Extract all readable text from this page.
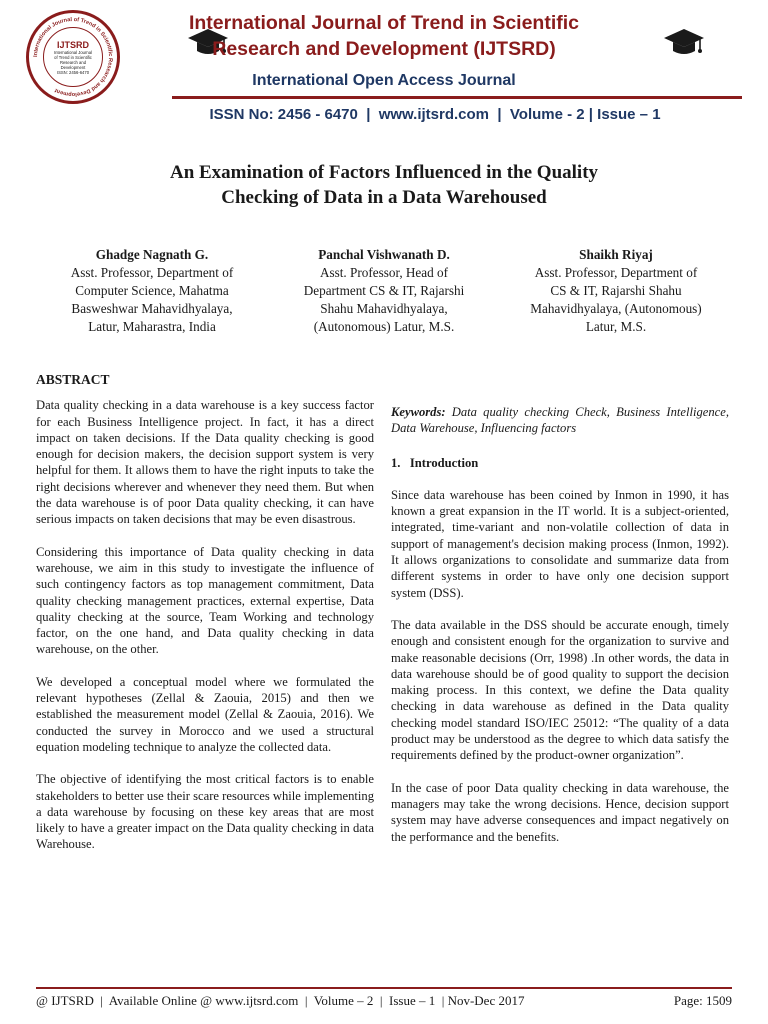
International Journal of Trend in Scientific Research and Development
IJTSRD
International Journal
of Trend in Scientific
Research and
Development
ISSN: 2456-6470
International Journal of Trend in Scientific
Research and Development (IJTSRD)
International Open Access Journal
ISSN No: 2456 - 6470  |  www.ijtsrd.com  |  Volume - 2 | Issue – 1
An Examination of Factors Influenced in the Quality
Checking of Data in a Data Warehoused
Ghadge Nagnath G.
Asst. Professor, Department of
Computer Science, Mahatma
Basweshwar Mahavidhyalaya,
Latur, Maharastra, India
Panchal Vishwanath D.
Asst. Professor, Head of
Department CS & IT, Rajarshi
Shahu Mahavidhyalaya,
(Autonomous) Latur, M.S.
Shaikh Riyaj
Asst. Professor, Department of
CS & IT, Rajarshi Shahu
Mahavidhyalaya, (Autonomous)
Latur, M.S.
ABSTRACT

Data quality checking in a data warehouse is a key success factor for each Business Intelligence project. In fact, it has a direct impact on taken decisions. If the Data quality checking is good enough for decision makers, the decision support system is very helpful for them. It allows them to have the right inputs to take the right decisions wherever and whenever they need them. But when the data warehouse is of poor Data quality checking, it can have serious impacts on taken decisions that may be even disastrous.

Considering this importance of Data quality checking in data warehouse, we aim in this study to investigate the influence of such contingency factors as top management commitment, Data quality checking management practices, external expertise, Data quality checking at the source, Team Working and technology factor, on the one hand, and Data quality checking in data warehouse, on the other.

We developed a conceptual model where we formulated the relevant hypotheses (Zellal & Zaouia, 2015) and then we established the measurement model (Zellal & Zaouia, 2016). We conducted the survey in Morocco and we used a structural equation modeling technique to analyze the collected data.

The objective of identifying the most critical factors is to enable stakeholders to better use their scare resources while implementing a data warehouse by focusing on these key areas that are most likely to have a greater impact on the Data quality checking in data Warehouse.

Keywords: Data quality checking Check, Business Intelligence, Data Warehouse, Influencing factors

1.   Introduction

Since data warehouse has been coined by Inmon in 1990, it has known a great expansion in the IT world. It is a subject-oriented, integrated, time-variant and non-volatile collection of data in support of management's decision making process (Inmon, 1992). It allows organizations to consolidate and summarize data from different systems in order to have only one decision support system (DSS).

The data available in the DSS should be accurate enough, timely enough and consistent enough for the organization to survive and make reasonable decisions (Orr, 1998) .In other words, the data in data warehouse should be of good quality to support the decision making process. In this context, we define the Data quality checking in data warehouse as defined in the Data quality checking model standard ISO/IEC 25012: “The quality of a data product may be understood as the degree to which data satisfy the requirements defined by the product-owner organization”.

In the case of poor Data quality checking in data warehouse, the managers may take the wrong decisions. Hence, decision support system may have adverse consequences and impact negatively on the performance and the benefits.

@ IJTSRD  |  Available Online @ www.ijtsrd.com  |  Volume – 2  |  Issue – 1  | Nov-Dec 2017	Page: 1509
